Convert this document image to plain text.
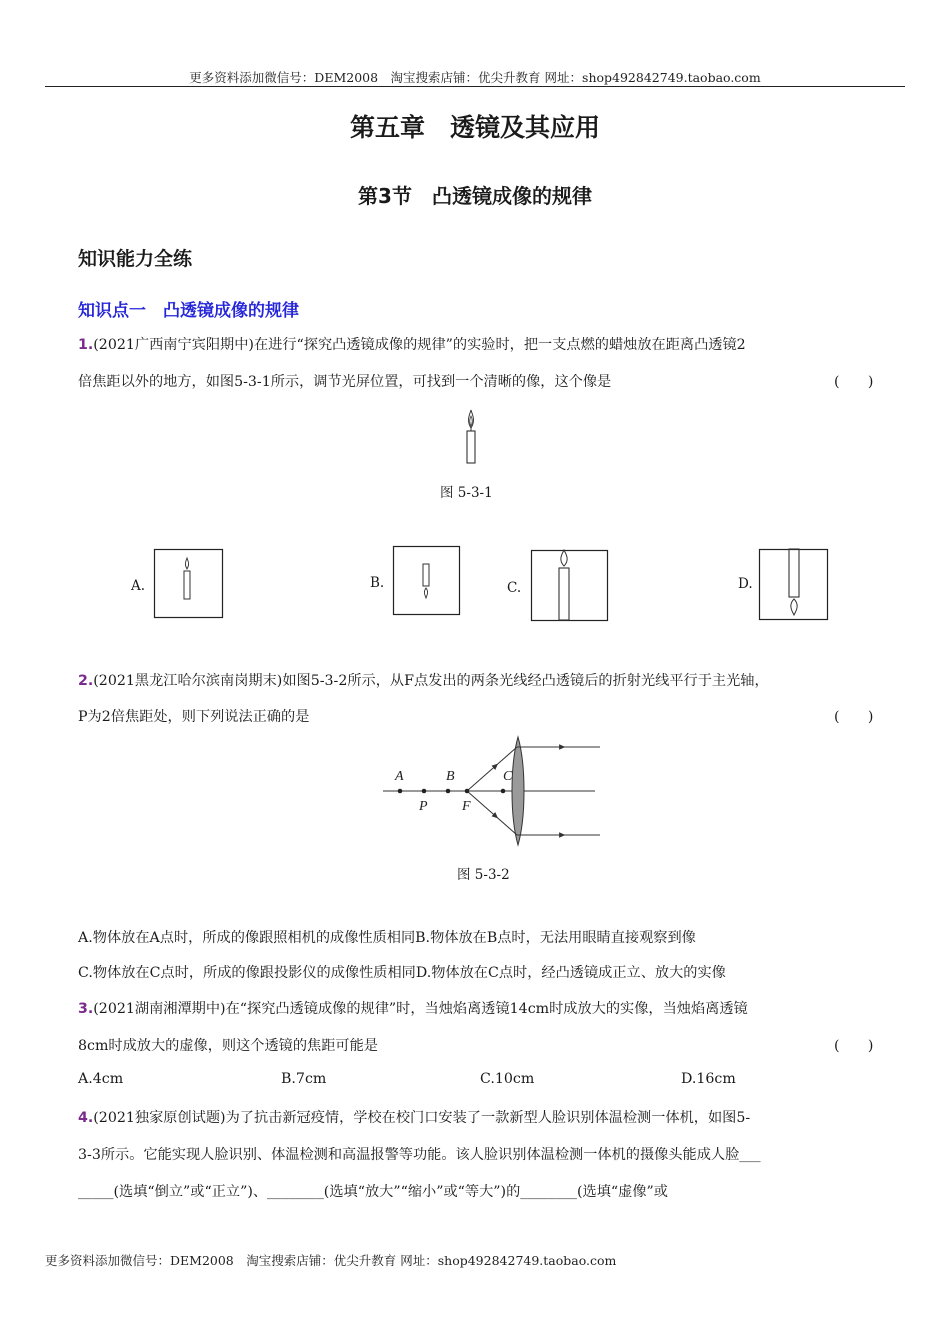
更多资料添加微信号：DEM2008　淘宝搜索店铺：优尖升教育 网址：shop492842749.taobao.com
第五章　透镜及其应用
第3节　凸透镜成像的规律
知识能力全练
知识点一　凸透镜成像的规律
1.(2021广西南宁宾阳期中)在进行“探究凸透镜成像的规律”的实验时，把一支点燃的蜡烛放在距离凸透镜2
倍焦距以外的地方，如图5-3-1所示，调节光屏位置，可找到一个清晰的像，这个像是	(　　)
图 5-3-1
A.	B.	C.	D.
2.(2021黑龙江哈尔滨南岗期末)如图5-3-2所示，从F点发出的两条光线经凸透镜后的折射光线平行于主光轴，
P为2倍焦距处，则下列说法正确的是	(　　)
A	B	C
P F
图 5-3-2
A.物体放在A点时，所成的像跟照相机的成像性质相同B.物体放在B点时，无法用眼睛直接观察到像
C.物体放在C点时，所成的像跟投影仪的成像性质相同D.物体放在C点时，经凸透镜成正立、放大的实像
3.(2021湖南湘潭期中)在“探究凸透镜成像的规律”时，当烛焰离透镜14cm时成放大的实像，当烛焰离透镜
8cm时成放大的虚像，则这个透镜的焦距可能是	(　　)
A.4cm	B.7cm	C.10cm	D.16cm
4.(2021独家原创试题)为了抗击新冠疫情，学校在校门口安装了一款新型人脸识别体温检测一体机，如图5-
3-3所示。它能实现人脸识别、体温检测和高温报警等功能。该人脸识别体温检测一体机的摄像头能成人脸___
_____(选填“倒立”或“正立”)、________(选填“放大”“缩小”或“等大”)的________(选填“虚像”或
更多资料添加微信号：DEM2008　淘宝搜索店铺：优尖升教育 网址：shop492842749.taobao.com
